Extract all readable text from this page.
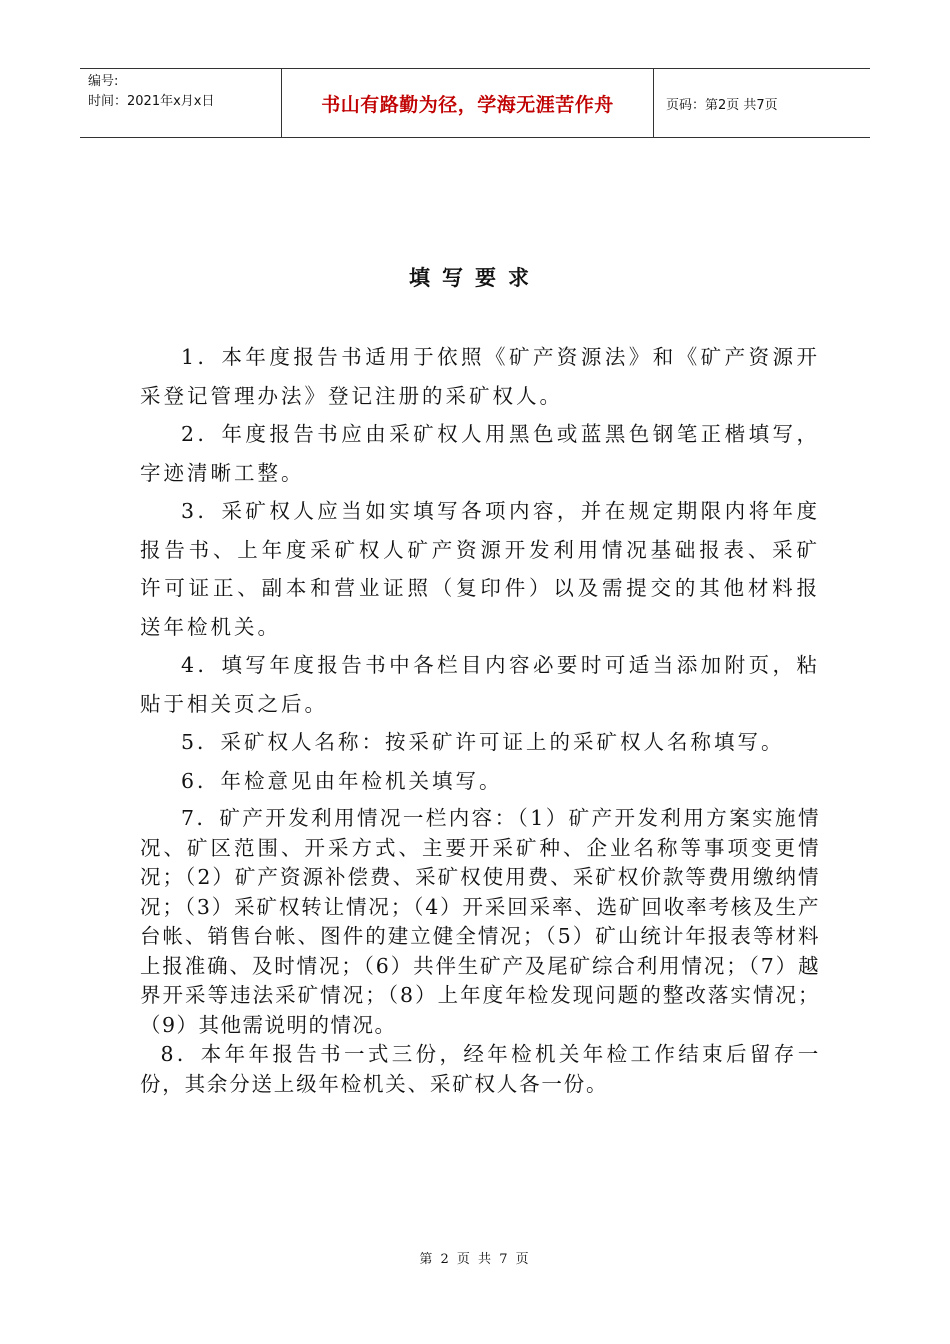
编号:
时间：2021年x月x日	书山有路勤为径，学海无涯苦作舟	页码：第2页 共7页
填写要求

1．本年度报告书适用于依照《矿产资源法》和《矿产资源开采登记管理办法》登记注册的采矿权人。

2．年度报告书应由采矿权人用黑色或蓝黑色钢笔正楷填写，字迹清晰工整。

3．采矿权人应当如实填写各项内容，并在规定期限内将年度报告书、上年度采矿权人矿产资源开发利用情况基础报表、采矿许可证正、副本和营业证照（复印件）以及需提交的其他材料报送年检机关。

4．填写年度报告书中各栏目内容必要时可适当添加附页，粘贴于相关页之后。

5．采矿权人名称：按采矿许可证上的采矿权人名称填写。

6．年检意见由年检机关填写。

7．矿产开发利用情况一栏内容：（1）矿产开发利用方案实施情况、矿区范围、开采方式、主要开采矿种、企业名称等事项变更情况；（2）矿产资源补偿费、采矿权使用费、采矿权价款等费用缴纳情况；（3）采矿权转让情况；（4）开采回采率、选矿回收率考核及生产台帐、销售台帐、图件的建立健全情况；（5）矿山统计年报表等材料上报准确、及时情况；（6）共伴生矿产及尾矿综合利用情况；（7）越界开采等违法采矿情况；（8）上年度年检发现问题的整改落实情况；（9）其他需说明的情况。

8．本年年报告书一式三份，经年检机关年检工作结束后留存一份，其余分送上级年检机关、采矿权人各一份。

第 2 页 共 7 页
